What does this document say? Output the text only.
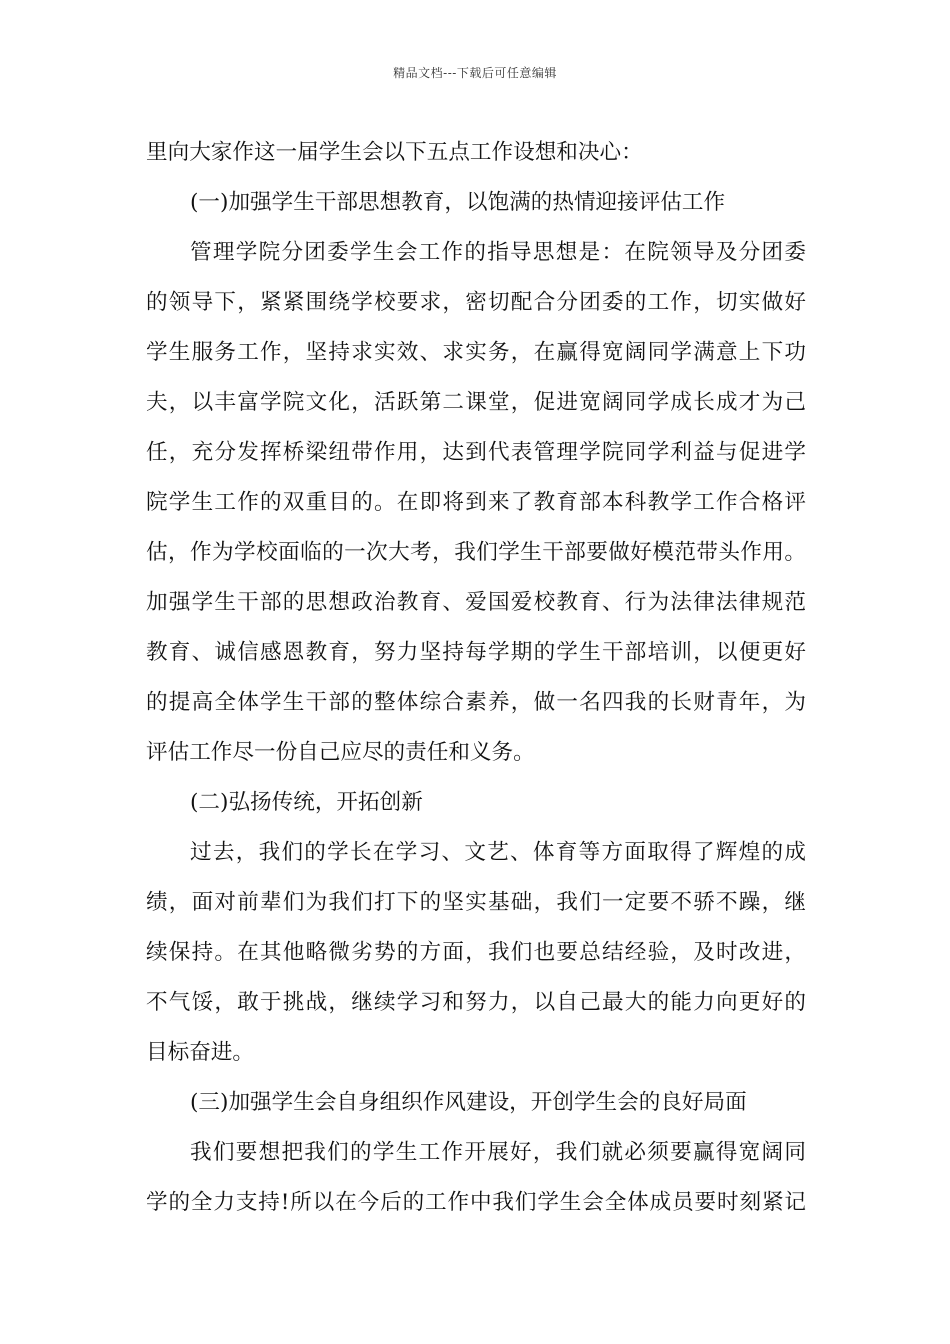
精品文档---下载后可任意编辑
里向大家作这一届学生会以下五点工作设想和决心：
(一)加强学生干部思想教育，以饱满的热情迎接评估工作
管理学院分团委学生会工作的指导思想是：在院领导及分团委
的领导下，紧紧围绕学校要求，密切配合分团委的工作，切实做好
学生服务工作，坚持求实效、求实务，在赢得宽阔同学满意上下功
夫，以丰富学院文化，活跃第二课堂，促进宽阔同学成长成才为己
任，充分发挥桥梁纽带作用，达到代表管理学院同学利益与促进学
院学生工作的双重目的。在即将到来了教育部本科教学工作合格评
估，作为学校面临的一次大考，我们学生干部要做好模范带头作用。
加强学生干部的思想政治教育、爱国爱校教育、行为法律法律规范
教育、诚信感恩教育，努力坚持每学期的学生干部培训，以便更好
的提高全体学生干部的整体综合素养，做一名四我的长财青年，为
评估工作尽一份自己应尽的责任和义务。
(二)弘扬传统，开拓创新
过去，我们的学长在学习、文艺、体育等方面取得了辉煌的成
绩，面对前辈们为我们打下的坚实基础，我们一定要不骄不躁，继
续保持。在其他略微劣势的方面，我们也要总结经验，及时改进，
不气馁，敢于挑战，继续学习和努力，以自己最大的能力向更好的
目标奋进。
(三)加强学生会自身组织作风建设，开创学生会的良好局面
我们要想把我们的学生工作开展好，我们就必须要赢得宽阔同
学的全力支持!所以在今后的工作中我们学生会全体成员要时刻紧记
